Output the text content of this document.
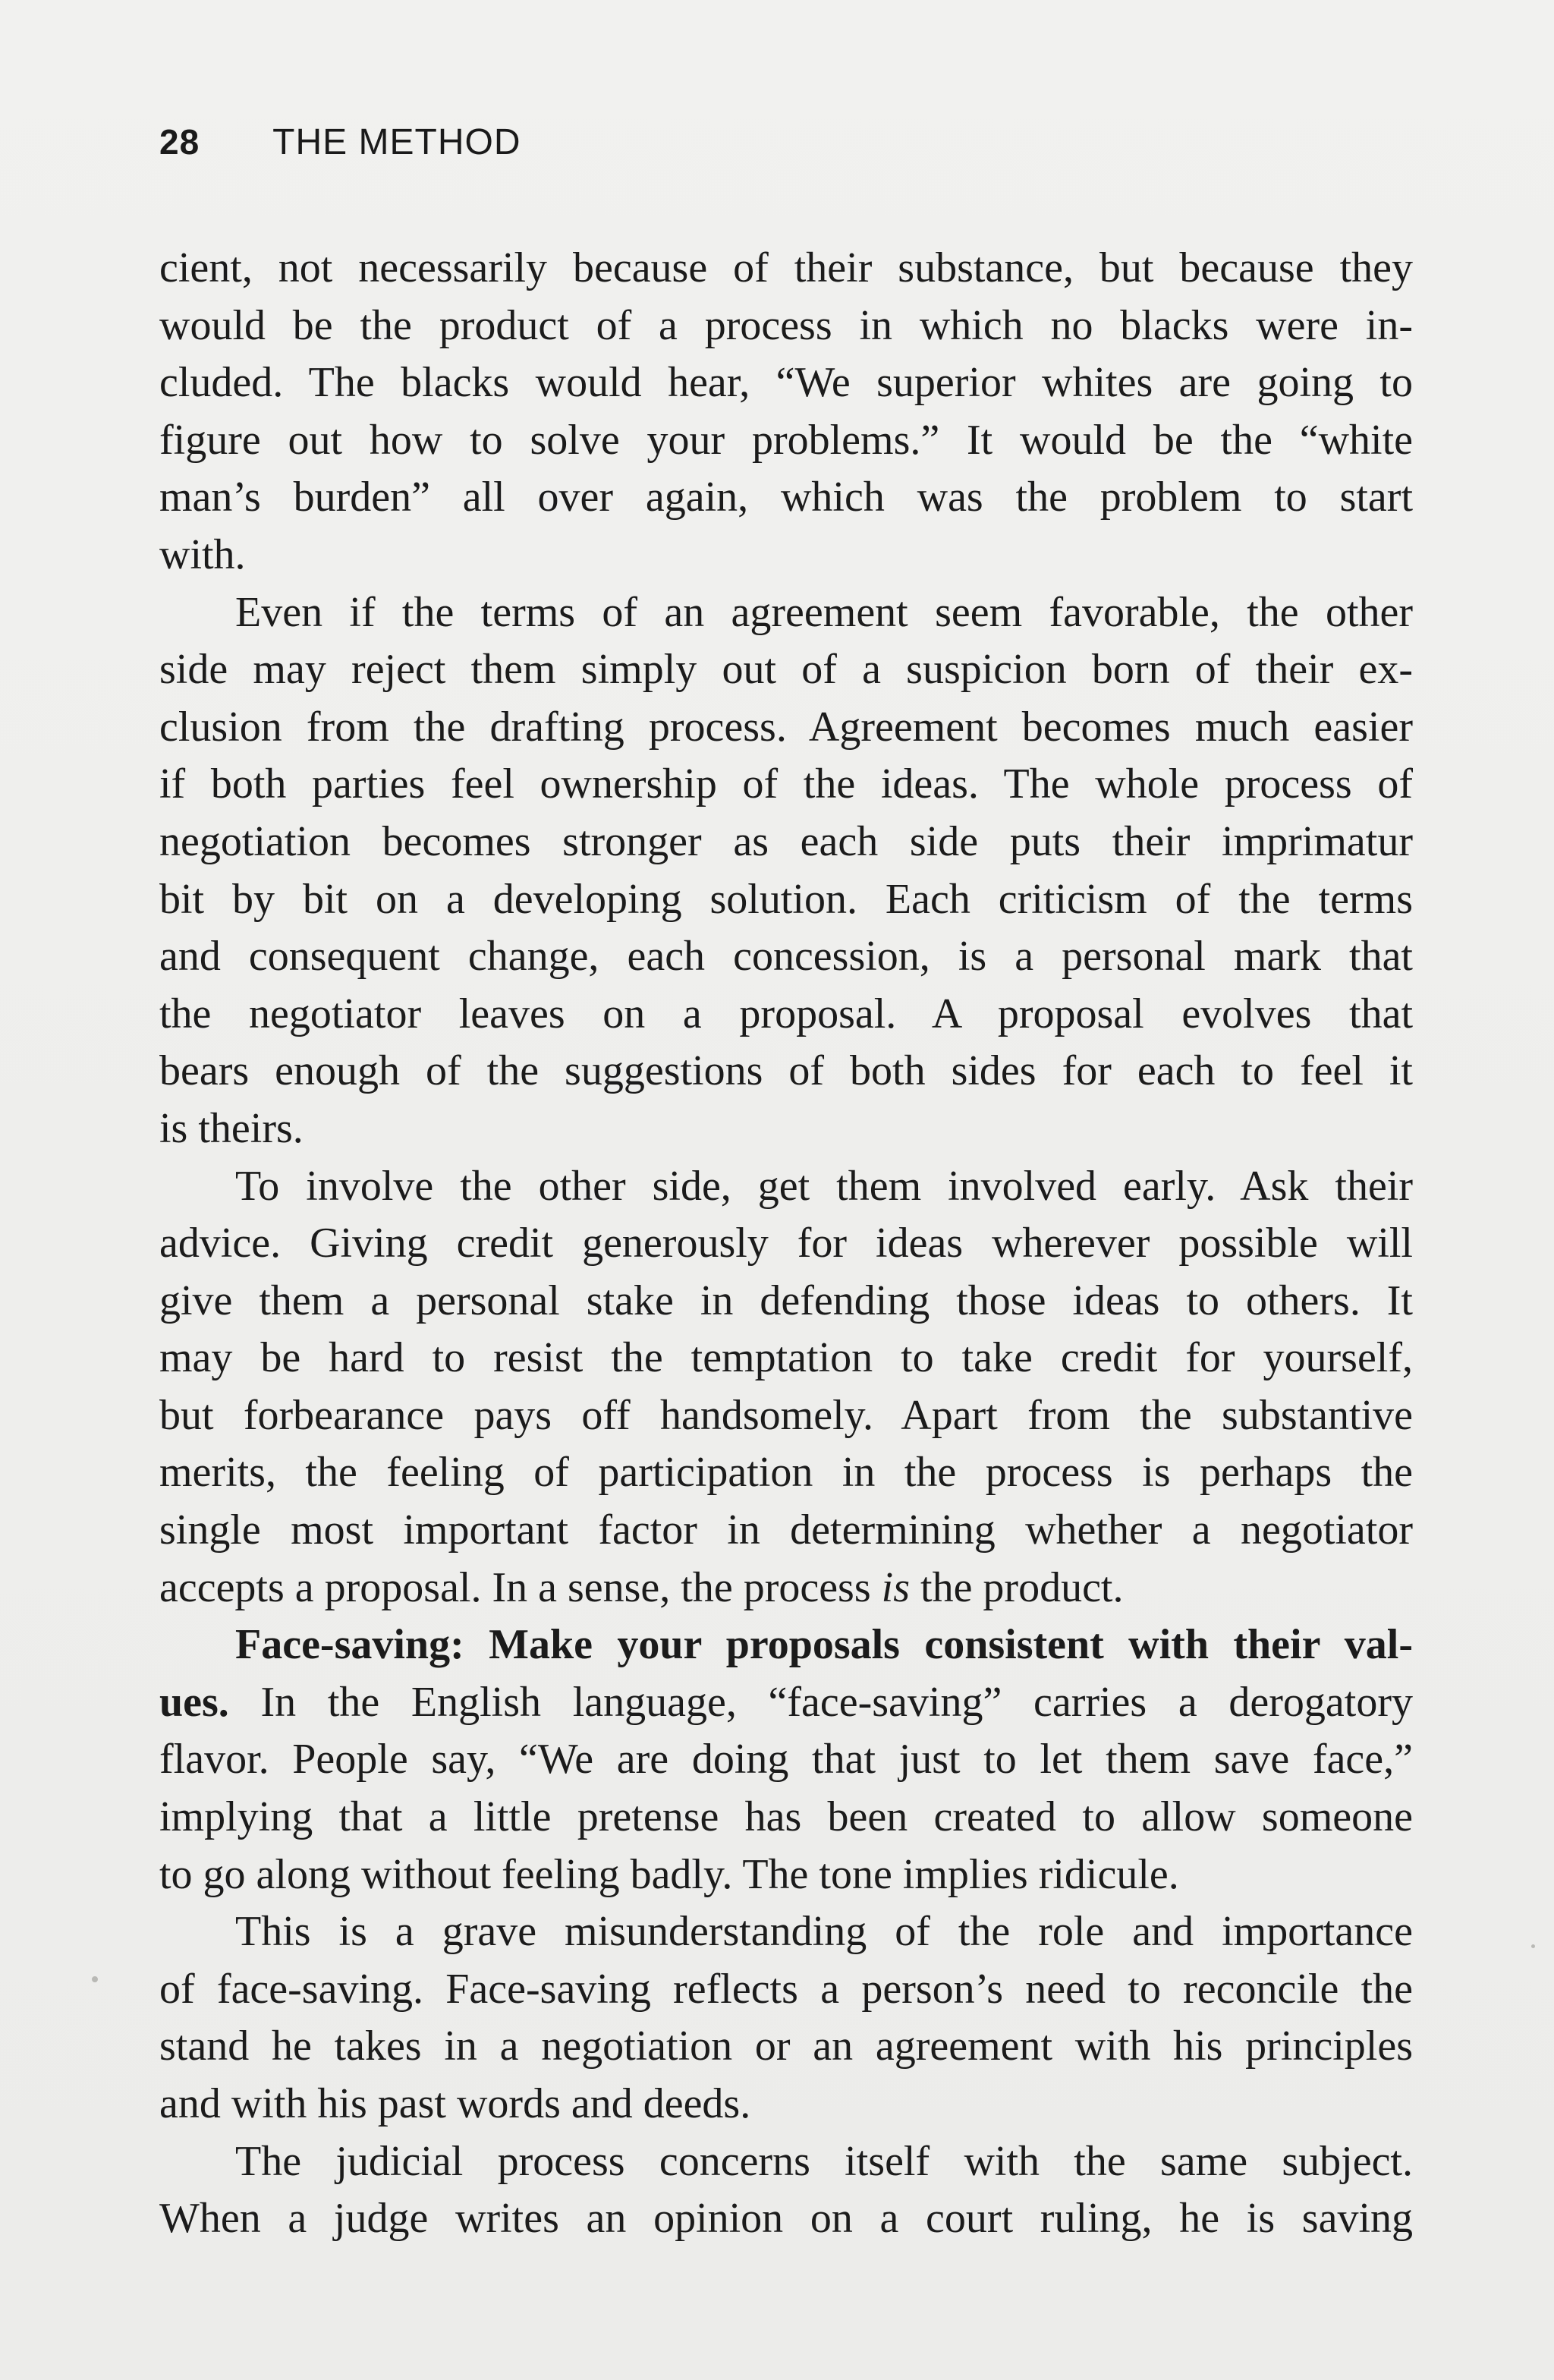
28 THE METHOD
cient, not necessarily because of their substance, but because they
would be the product of a process in which no blacks were in-
cluded. The blacks would hear, “We superior whites are going to
figure out how to solve your problems.” It would be the “white
man’s burden” all over again, which was the problem to start
with.
Even if the terms of an agreement seem favorable, the other
side may reject them simply out of a suspicion born of their ex-
clusion from the drafting process. Agreement becomes much easier
if both parties feel ownership of the ideas. The whole process of
negotiation becomes stronger as each side puts their imprimatur
bit by bit on a developing solution. Each criticism of the terms
and consequent change, each concession, is a personal mark that
the negotiator leaves on a proposal. A proposal evolves that
bears enough of the suggestions of both sides for each to feel it
is theirs.
To involve the other side, get them involved early. Ask their
advice. Giving credit generously for ideas wherever possible will
give them a personal stake in defending those ideas to others. It
may be hard to resist the temptation to take credit for yourself,
but forbearance pays off handsomely. Apart from the substantive
merits, the feeling of participation in the process is perhaps the
single most important factor in determining whether a negotiator
accepts a proposal. In a sense, the process is the product.
Face-saving: Make your proposals consistent with their val-
ues. In the English language, “face-saving” carries a derogatory
flavor. People say, “We are doing that just to let them save face,”
implying that a little pretense has been created to allow someone
to go along without feeling badly. The tone implies ridicule.
This is a grave misunderstanding of the role and importance
of face-saving. Face-saving reflects a person’s need to reconcile the
stand he takes in a negotiation or an agreement with his principles
and with his past words and deeds.
The judicial process concerns itself with the same subject.
When a judge writes an opinion on a court ruling, he is saving
